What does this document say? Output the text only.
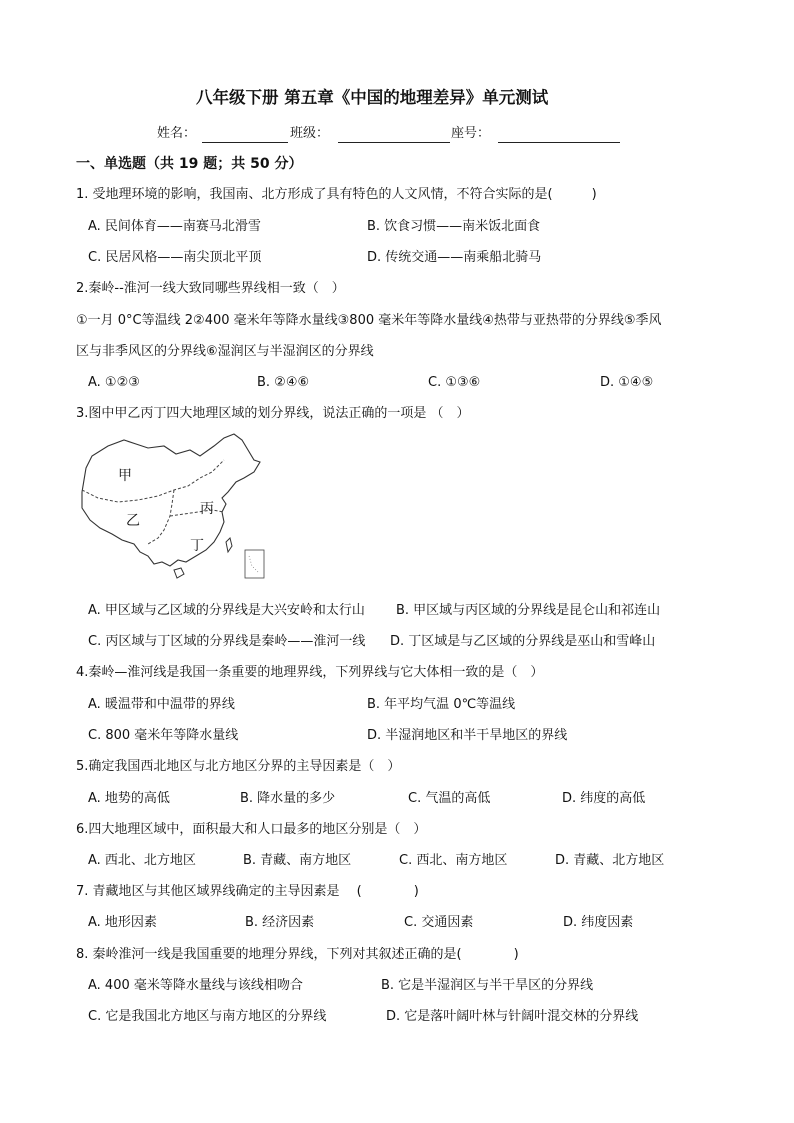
八年级下册 第五章《中国的地理差异》单元测试
姓名：	班级：	座号：
一、单选题（共 19 题；共 50 分）
1. 受地理环境的影响，我国南、北方形成了具有特色的人文风情，不符合实际的是(　　　)
A. 民间体育——南赛马北滑雪	B. 饮食习惯——南米饭北面食
C. 民居风格——南尖顶北平顶	D. 传统交通——南乘船北骑马
2.秦岭--淮河一线大致同哪些界线相一致（　）
①一月 0°C等温线 2②400 毫米年等降水量线③800 毫米年等降水量线④热带与亚热带的分界线⑤季风
区与非季风区的分界线⑥湿润区与半湿润区的分界线
A. ①②③	B. ②④⑥	C. ①③⑥	D. ①④⑤
3.图中甲乙丙丁四大地理区域的划分界线，说法正确的一项是 （　）
甲
乙
丙
丁
A. 甲区域与乙区域的分界线是大兴安岭和太行山 B. 甲区域与丙区域的分界线是昆仑山和祁连山
C. 丙区域与丁区域的分界线是秦岭——淮河一线 D. 丁区域是与乙区域的分界线是巫山和雪峰山
4.秦岭—淮河线是我国一条重要的地理界线，下列界线与它大体相一致的是（　）
A. 暖温带和中温带的界线	B. 年平均气温 0℃等温线
C. 800 毫米年等降水量线	D. 半湿润地区和半干旱地区的界线
5.确定我国西北地区与北方地区分界的主导因素是（　）
A. 地势的高低	B. 降水量的多少	C. 气温的高低	D. 纬度的高低
6.四大地理区域中，面积最大和人口最多的地区分别是（　）
A. 西北、北方地区	B. 青藏、南方地区	C. 西北、南方地区	D. 青藏、北方地区
7. 青藏地区与其他区域界线确定的主导因素是 　(　　　　)
A. 地形因素	B. 经济因素	C. 交通因素	D. 纬度因素
8. 秦岭淮河一线是我国重要的地理分界线，下列对其叙述正确的是(　　　　)
A. 400 毫米等降水量线与该线相吻合	B. 它是半湿润区与半干旱区的分界线
C. 它是我国北方地区与南方地区的分界线	D. 它是落叶阔叶林与针阔叶混交林的分界线
